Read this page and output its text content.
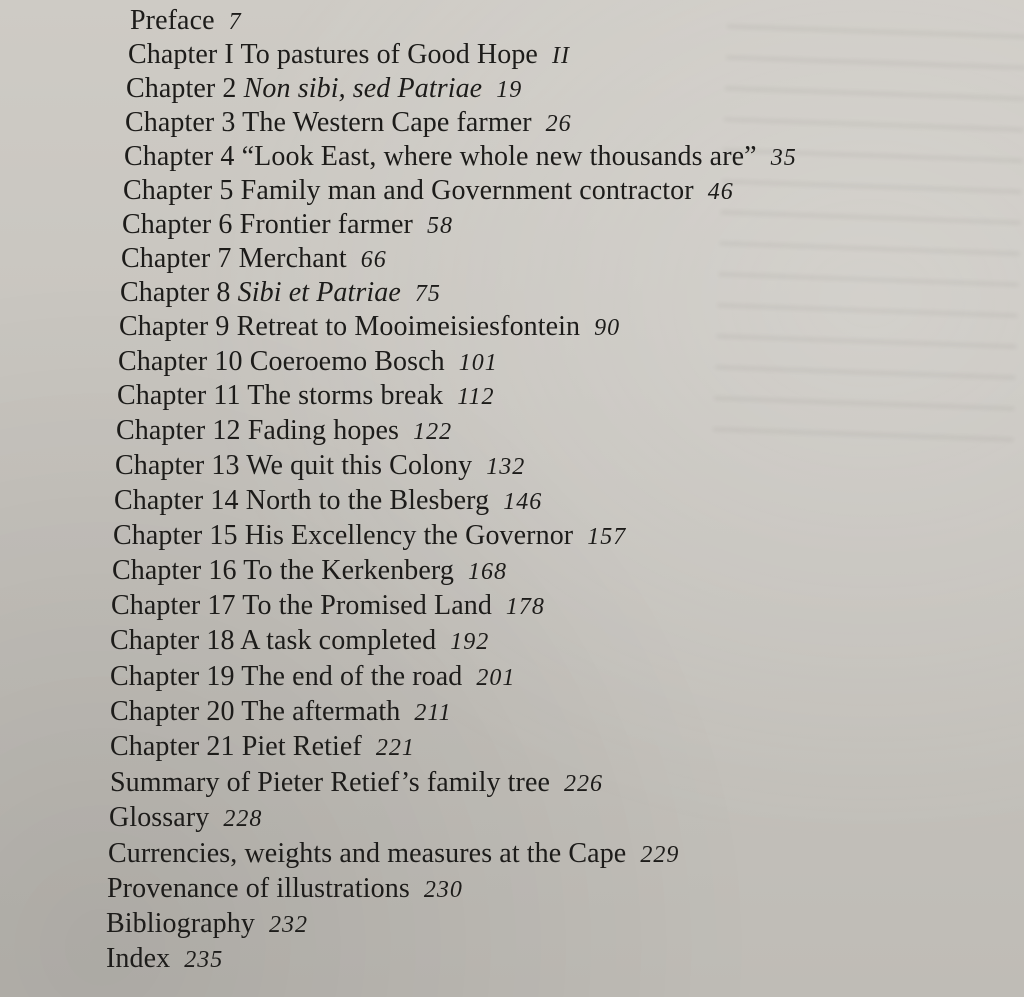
Preface 7
Chapter I To pastures of Good Hope II
Chapter 2 Non sibi, sed Patriae 19
Chapter 3 The Western Cape farmer 26
Chapter 4 “Look East, where whole new thousands are” 35
Chapter 5 Family man and Government contractor 46
Chapter 6 Frontier farmer 58
Chapter 7 Merchant 66
Chapter 8 Sibi et Patriae 75
Chapter 9 Retreat to Mooimeisiesfontein 90
Chapter 10 Coeroemo Bosch 101
Chapter 11 The storms break 112
Chapter 12 Fading hopes 122
Chapter 13 We quit this Colony 132
Chapter 14 North to the Blesberg 146
Chapter 15 His Excellency the Governor 157
Chapter 16 To the Kerkenberg 168
Chapter 17 To the Promised Land 178
Chapter 18 A task completed 192
Chapter 19 The end of the road 201
Chapter 20 The aftermath 211
Chapter 21 Piet Retief 221
Summary of Pieter Retief’s family tree 226
Glossary 228
Currencies, weights and measures at the Cape 229
Provenance of illustrations 230
Bibliography 232
Index 235
